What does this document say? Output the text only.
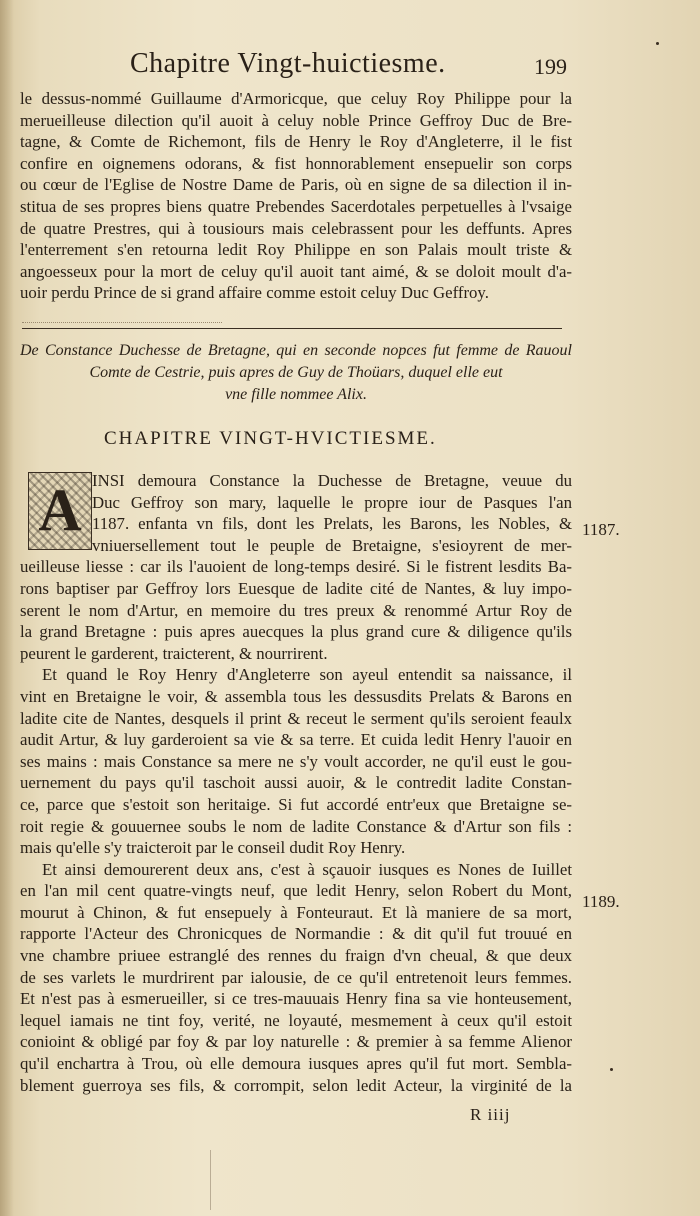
Chapitre Vingt-huictiesme.	199
le dessus-nommé Guillaume d'Armoricque, que celuy Roy Philippe pour la
merueilleuse dilection qu'il auoit à celuy noble Prince Geffroy Duc de Bre-
tagne, & Comte de Richemont, fils de Henry le Roy d'Angleterre, il le fist
confire en oignemens odorans, & fist honnorablement ensepuelir son corps
ou cœur de l'Eglise de Nostre Dame de Paris, où en signe de sa dilection il in-
stitua de ses propres biens quatre Prebendes Sacerdotales perpetuelles à l'vsaige
de quatre Prestres, qui à tousiours mais celebrassent pour les deffunts. Apres
l'enterrement s'en retourna ledit Roy Philippe en son Palais moult triste &
angoesseux pour la mort de celuy qu'il auoit tant aimé, & se doloit moult d'a-
uoir perdu Prince de si grand affaire comme estoit celuy Duc Geffroy.
De Constance Duchesse de Bretagne, qui en seconde nopces fut femme de Rauoul
Comte de Cestrie, puis apres de Guy de Thoüars, duquel elle eut
vne fille nommee Alix.
CHAPITRE VINGT-HVICTIESME.
A INSI demoura Constance la Duchesse de Bretagne, veuue du
Duc Geffroy son mary, laquelle le propre iour de Pasques l'an
1187. enfanta vn fils, dont les Prelats, les Barons, les Nobles, &
vniuersellement tout le peuple de Bretaigne, s'esioyrent de mer-
ueilleuse liesse : car ils l'auoient de long-temps desiré. Si le fistrent lesdits Ba-
rons baptiser par Geffroy lors Euesque de ladite cité de Nantes, & luy impo-
serent le nom d'Artur, en memoire du tres preux & renommé Artur Roy de
la grand Bretagne : puis apres auecques la plus grand cure & diligence qu'ils
peurent le garderent, traicterent, & nourrirent.
Et quand le Roy Henry d'Angleterre son ayeul entendit sa naissance, il
vint en Bretaigne le voir, & assembla tous les dessusdits Prelats & Barons en
ladite cite de Nantes, desquels il print & receut le serment qu'ils seroient feaulx
audit Artur, & luy garderoient sa vie & sa terre. Et cuida ledit Henry l'auoir en
ses mains : mais Constance sa mere ne s'y voult accorder, ne qu'il eust le gou-
uernement du pays qu'il taschoit aussi auoir, & le contredit ladite Constan-
ce, parce que s'estoit son heritaige. Si fut accordé entr'eux que Bretaigne se-
roit regie & gouuernee soubs le nom de ladite Constance & d'Artur son fils :
mais qu'elle s'y traicteroit par le conseil dudit Roy Henry.
Et ainsi demourerent deux ans, c'est à sçauoir iusques es Nones de Iuillet
en l'an mil cent quatre-vingts neuf, que ledit Henry, selon Robert du Mont,
mourut à Chinon, & fut ensepuely à Fonteuraut. Et là maniere de sa mort,
rapporte l'Acteur des Chronicques de Normandie : & dit qu'il fut trouué en
vne chambre priuee estranglé des rennes du fraign d'vn cheual, & que deux
de ses varlets le murdrirent par ialousie, de ce qu'il entretenoit leurs femmes.
Et n'est pas à esmerueiller, si ce tres-mauuais Henry fina sa vie honteusement,
lequel iamais ne tint foy, verité, ne loyauté, mesmement à ceux qu'il estoit
conioint & obligé par foy & par loy naturelle : & premier à sa femme Alienor
qu'il enchartra à Trou, où elle demoura iusques apres qu'il fut mort. Sembla-
blement guerroya ses fils, & corrompit, selon ledit Acteur, la virginité de la
1187.
1189.
R iiij
